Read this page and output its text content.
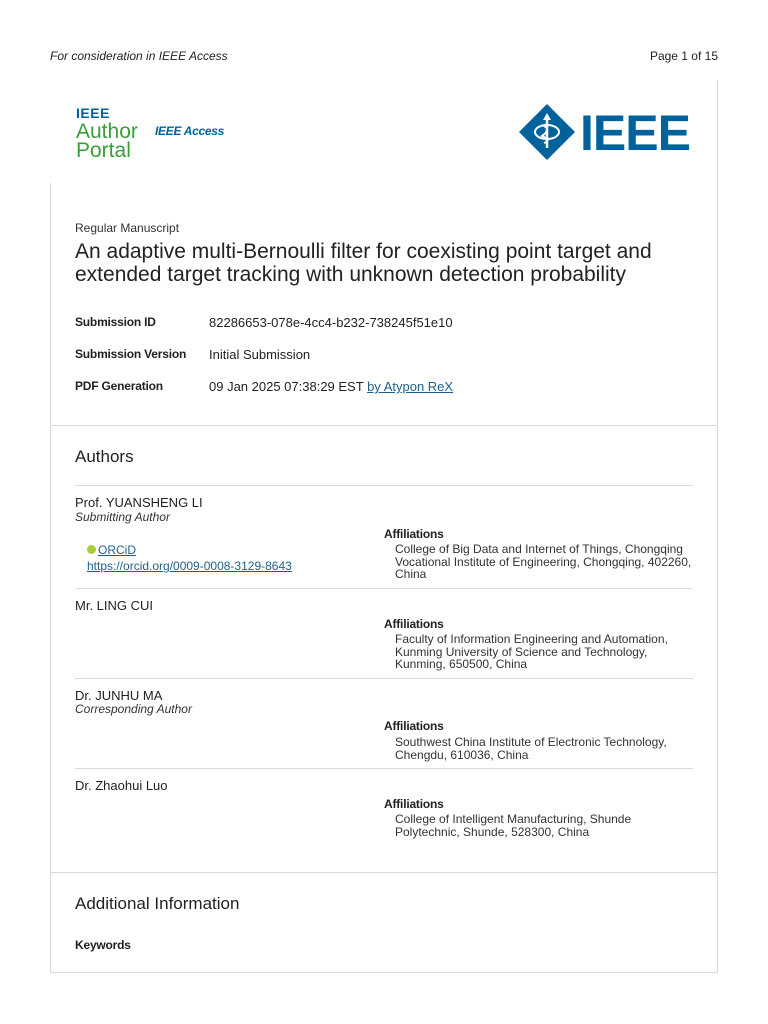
For consideration in IEEE Access	Page 1 of 15
IEEE
Author
Portal
IEEE Access	IEEE
Regular Manuscript
An adaptive multi-Bernoulli filter for coexisting point target and extended target tracking with unknown detection probability
Submission ID	82286653-078e-4cc4-b232-738245f51e10
Submission Version Initial Submission
PDF Generation	09 Jan 2025 07:38:29 EST by Atypon ReX
Authors
Prof. YUANSHENG LI
Submitting Author
Affiliations
College of Big Data and Internet of Things, Chongqing Vocational Institute of Engineering, Chongqing, 402260, China
ORCiD
https://orcid.org/0009-0008-3129-8643
Mr. LING CUI
Affiliations
Faculty of Information Engineering and Automation, Kunming University of Science and Technology, Kunming, 650500, China
Dr. JUNHU MA
Corresponding Author
Affiliations
Southwest China Institute of Electronic Technology, Chengdu, 610036, China
Dr. Zhaohui Luo
Affiliations
College of Intelligent Manufacturing, Shunde Polytechnic, Shunde, 528300, China
Additional Information
Keywords
